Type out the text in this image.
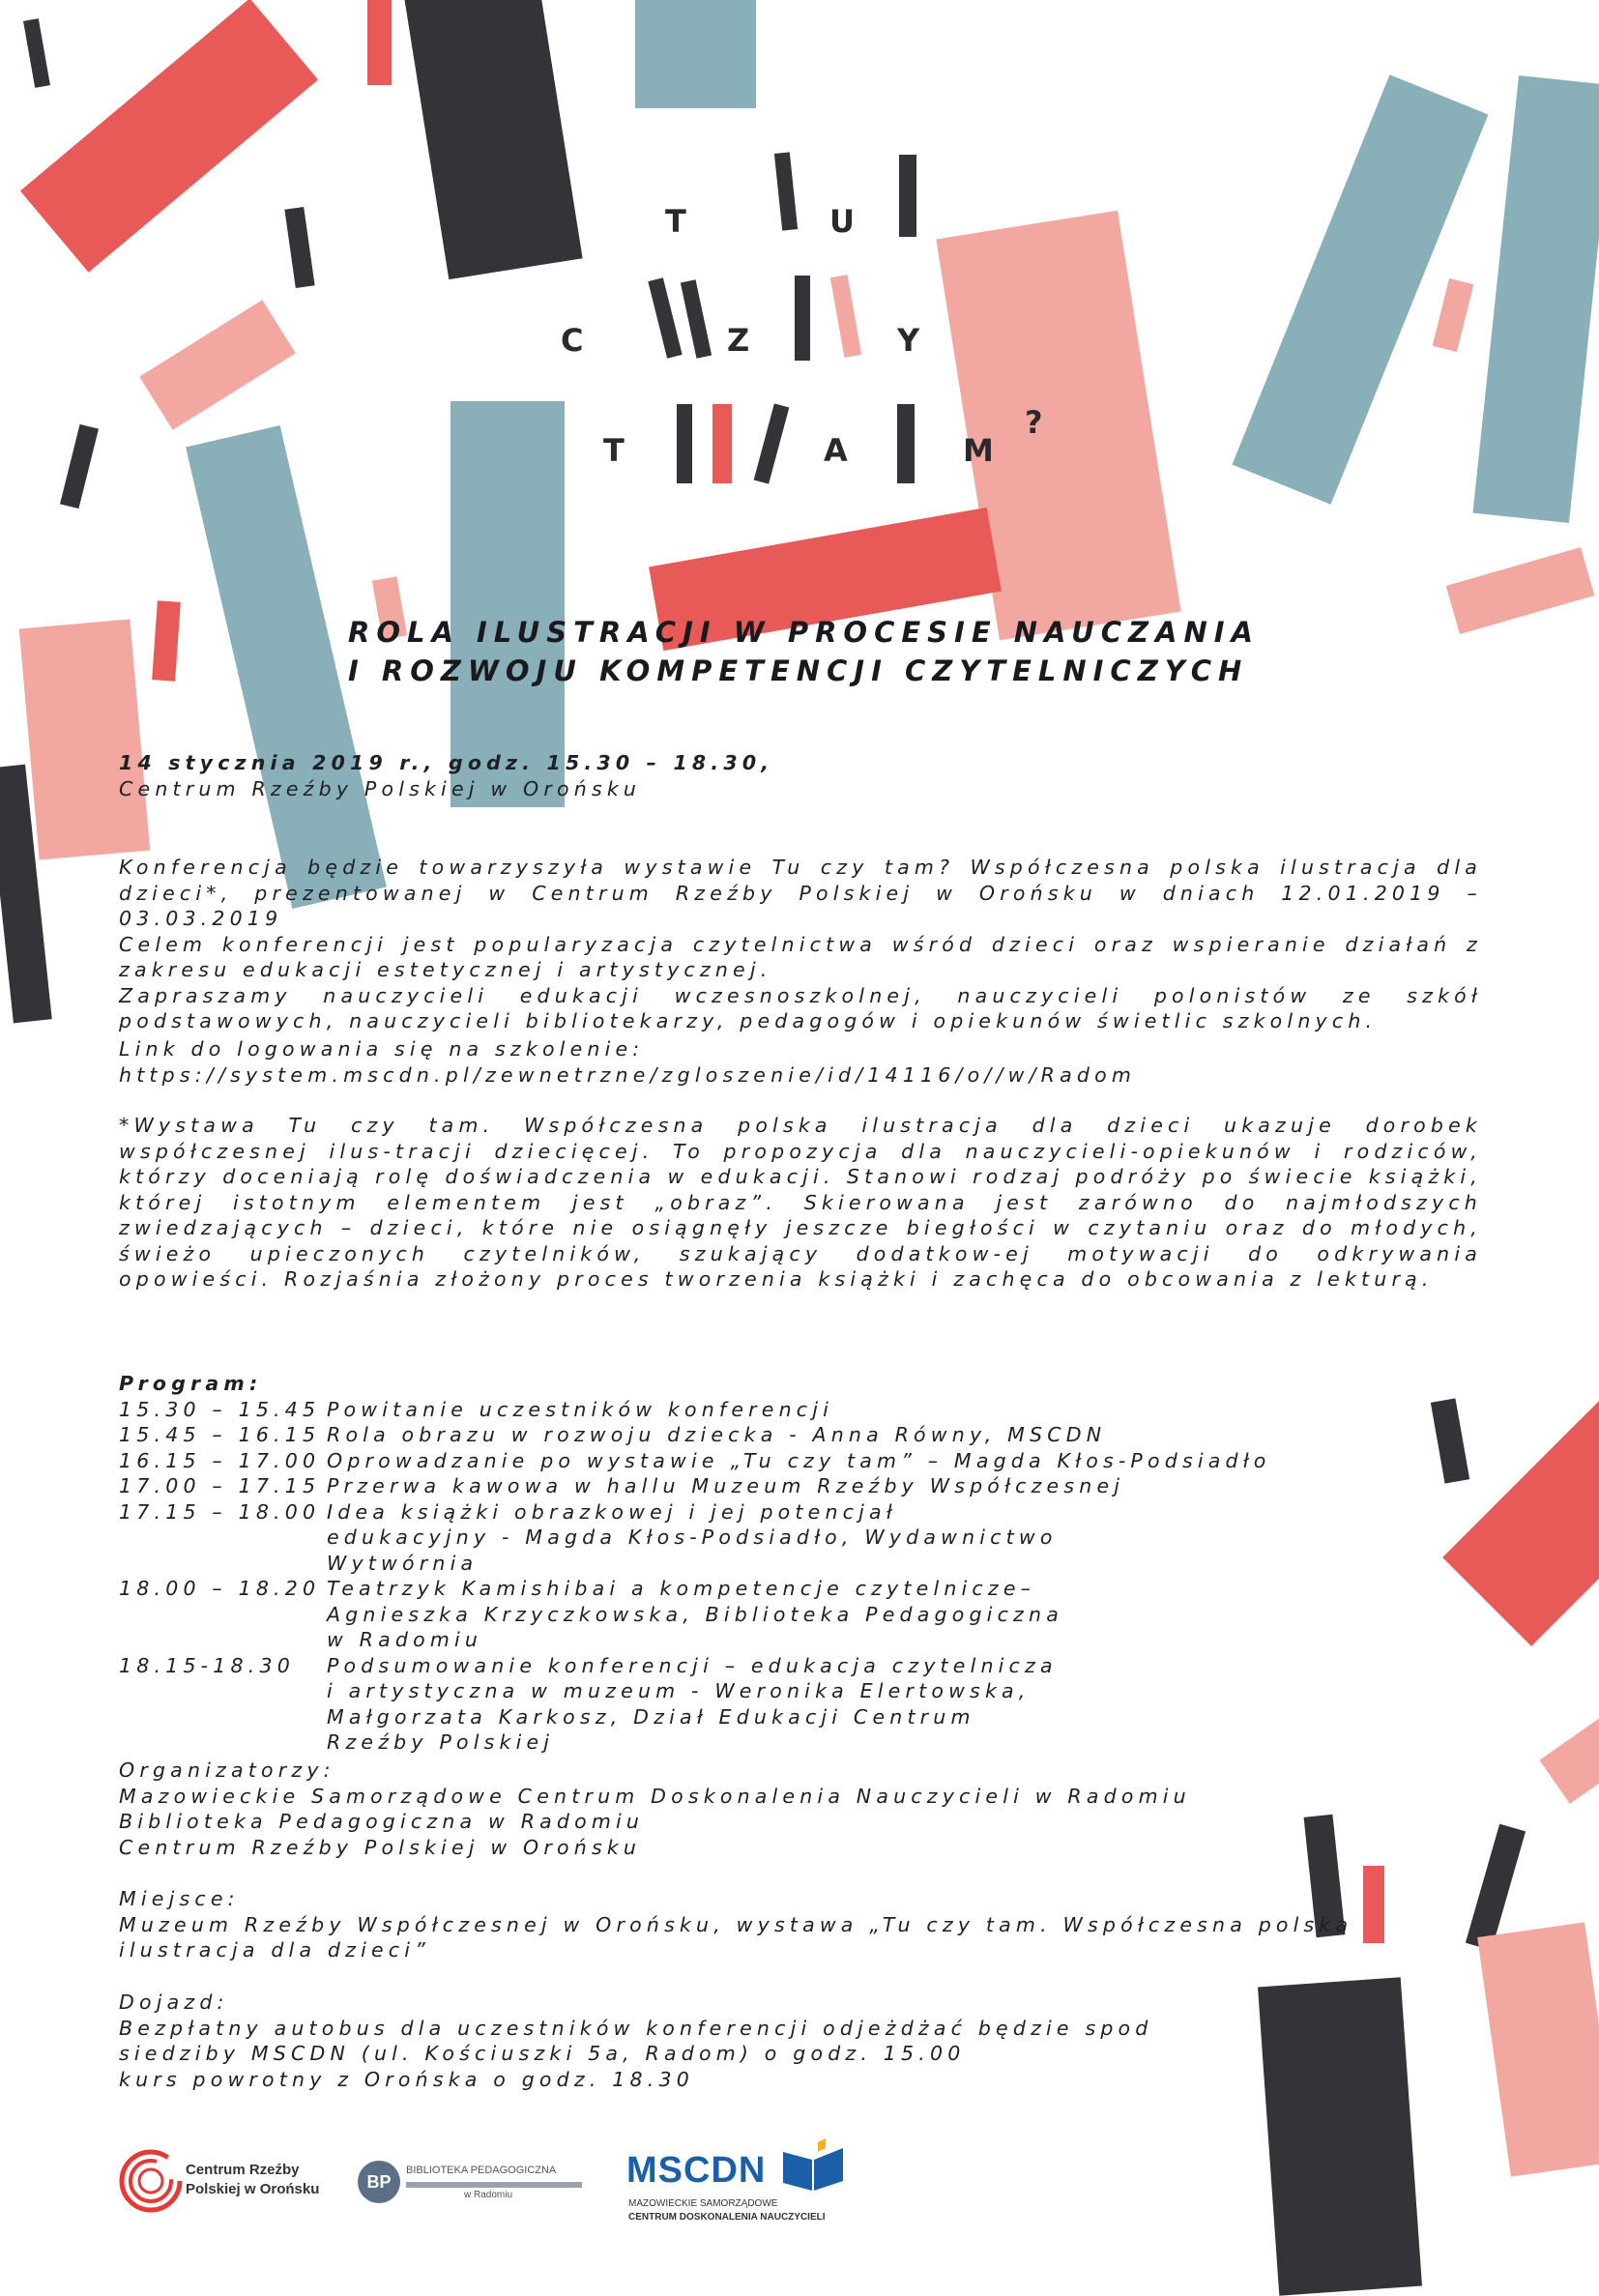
T	U
C	Z	Y
T	A	M
?
ROLA ILUSTRACJI W PROCESIE NAUCZANIA
I ROZWOJU KOMPETENCJI CZYTELNICZYCH

14 stycznia 2019 r., godz. 15.30 – 18.30,

Centrum Rzeźby Polskiej w Orońsku

Konferencja będzie towarzyszyła wystawie Tu czy tam? Współczesna polska ilustracja dla dzieci*, prezentowanej w Centrum Rzeźby Polskiej w Orońsku w dniach 12.01.2019 – 03.03.2019

Celem konferencji jest popularyzacja czytelnictwa wśród dzieci oraz wspieranie działań z zakresu edukacji estetycznej i artystycznej.

Zapraszamy nauczycieli edukacji wczesnoszkolnej, nauczycieli polonistów ze szkół podstawowych, nauczycieli bibliotekarzy, pedagogów i opiekunów świetlic szkolnych.

Link do logowania się na szkolenie:

https://system.mscdn.pl/zewnetrzne/zgloszenie/id/14116/o//w/Radom

*Wystawa Tu czy tam. Współczesna polska ilustracja dla dzieci ukazuje dorobek współczesnej ilus-tracji dziecięcej. To propozycja dla nauczycieli-opiekunów i rodziców, którzy doceniają rolę doświadczenia w edukacji. Stanowi rodzaj podróży po świecie książki, której istotnym elementem jest „obraz”. Skierowana jest zarówno do najmłodszych zwiedzających – dzieci, które nie osiągnęły jeszcze biegłości w czytaniu oraz do młodych, świeżo upieczonych czytelników, szukający dodatkow-ej motywacji do odkrywania opowieści. Rozjaśnia złożony proces tworzenia książki i zachęca do obcowania z lekturą.

Program:

15.30 – 15.45 Powitanie uczestników konferencji
15.45 – 16.15 Rola obrazu w rozwoju dziecka - Anna Równy, MSCDN
16.15 – 17.00 Oprowadzanie po wystawie „Tu czy tam” – Magda Kłos-Podsiadło
17.00 – 17.15 Przerwa kawowa w hallu Muzeum Rzeźby Współczesnej
17.15 – 18.00 Idea książki obrazkowej i jej potencjał edukacyjny - Magda Kłos-Podsiadło, Wydawnictwo Wytwórnia
18.00 – 18.20 Teatrzyk Kamishibai a kompetencje czytelnicze– Agnieszka Krzyczkowska, Biblioteka Pedagogiczna w Radomiu
18.15-18.30	Podsumowanie konferencji – edukacja czytelnicza i artystyczna w muzeum - Weronika Elertowska, Małgorzata Karkosz, Dział Edukacji Centrum Rzeźby Polskiej

Organizatorzy:

Mazowieckie Samorządowe Centrum Doskonalenia Nauczycieli w Radomiu

Biblioteka Pedagogiczna w Radomiu

Centrum Rzeźby Polskiej w Orońsku

Miejsce:

Muzeum Rzeźby Współczesnej w Orońsku, wystawa „Tu czy tam. Współczesna polska ilustracja dla dzieci”

Dojazd:

Bezpłatny autobus dla uczestników konferencji odjeżdżać będzie spod

siedziby MSCDN (ul. Kościuszki 5a, Radom) o godz. 15.00

kurs powrotny z Orońska o godz. 18.30

Centrum Rzeźby
Polskiej w Orońsku	BP
BIBLIOTEKA PEDAGOGICZNA
w Radomiu
MSCDN
MAZOWIECKIE SAMORZĄDOWE
CENTRUM DOSKONALENIA NAUCZYCIELI
